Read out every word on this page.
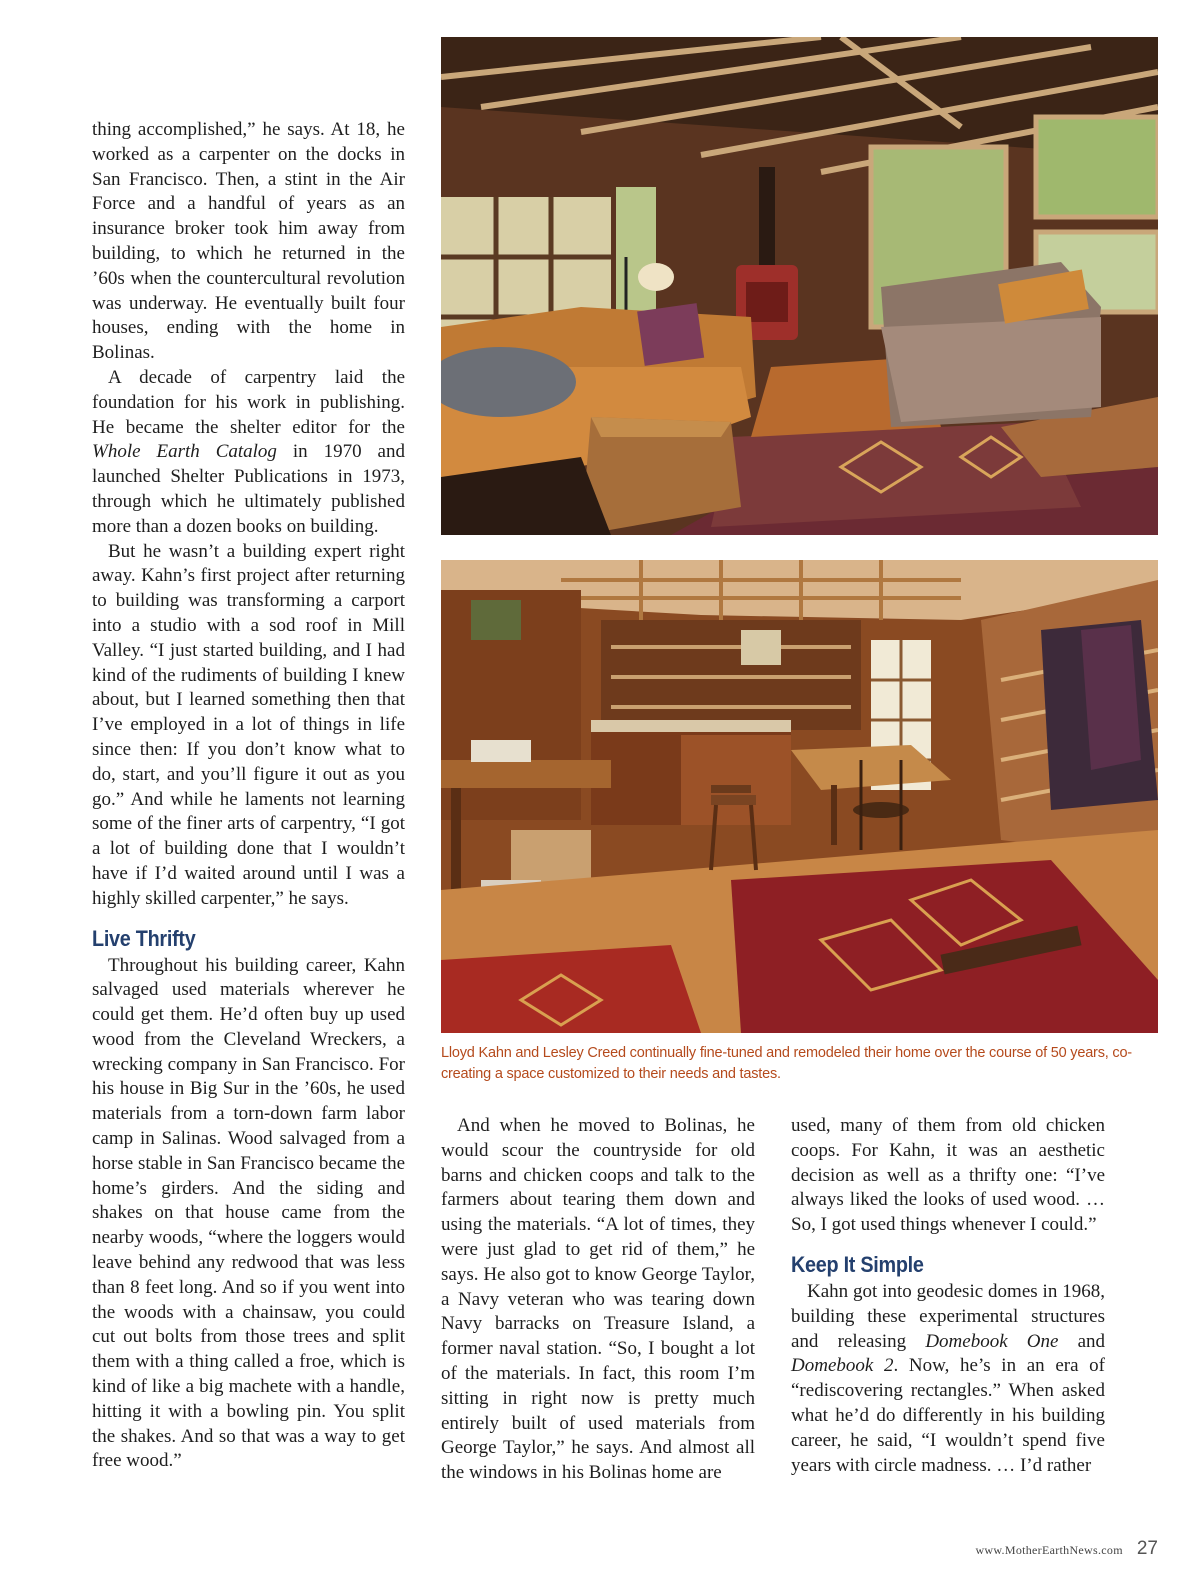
thing accomplished,” he says. At 18, he worked as a carpenter on the docks in San Francisco. Then, a stint in the Air Force and a handful of years as an insurance broker took him away from building, to which he returned in the ’60s when the countercultural revolution was underway. He eventually built four houses, ending with the home in Bolinas.

A decade of carpentry laid the foundation for his work in publishing. He became the shelter editor for the Whole Earth Catalog in 1970 and launched Shelter Publications in 1973, through which he ultimately published more than a dozen books on building.

But he wasn’t a building expert right away. Kahn’s first project after returning to building was transforming a carport into a studio with a sod roof in Mill Valley. “I just started building, and I had kind of the rudiments of building I knew about, but I learned something then that I’ve employed in a lot of things in life since then: If you don’t know what to do, start, and you’ll figure it out as you go.” And while he laments not learning some of the finer arts of carpentry, “I got a lot of building done that I wouldn’t have if I’d waited around until I was a highly skilled carpenter,” he says.

Live Thrifty

Throughout his building career, Kahn salvaged used materials wherever he could get them. He’d often buy up used wood from the Cleveland Wreckers, a wrecking company in San Francisco. For his house in Big Sur in the ’60s, he used materials from a torn-down farm labor camp in Salinas. Wood salvaged from a horse stable in San Francisco became the home’s girders. And the siding and shakes on that house came from the nearby woods, “where the loggers would leave behind any redwood that was less than 8 feet long. And so if you went into the woods with a chainsaw, you could cut out bolts from those trees and split them with a thing called a froe, which is kind of like a big machete with a handle, hitting it with a bowling pin. You split the shakes. And so that was a way to get free wood.”

Lloyd Kahn and Lesley Creed continually fine-tuned and remodeled their home over the course of 50 years, co-creating a space customized to their needs and tastes.

And when he moved to Bolinas, he would scour the countryside for old barns and chicken coops and talk to the farmers about tearing them down and using the materials. “A lot of times, they were just glad to get rid of them,” he says. He also got to know George Taylor, a Navy veteran who was tearing down Navy barracks on Treasure Island, a former naval station. “So, I bought a lot of the materials. In fact, this room I’m sitting in right now is pretty much entirely built of used materials from George Taylor,” he says. And almost all the windows in his Bolinas home are

used, many of them from old chicken coops. For Kahn, it was an aesthetic decision as well as a thrifty one: “I’ve always liked the looks of used wood. … So, I got used things whenever I could.”

Keep It Simple

Kahn got into geodesic domes in 1968, building these experimental structures and releasing Domebook One and Domebook 2. Now, he’s in an era of “rediscovering rectangles.” When asked what he’d do differently in his building career, he said, “I wouldn’t spend five years with circle madness. … I’d rather

www.MotherEarthNews.com 27
